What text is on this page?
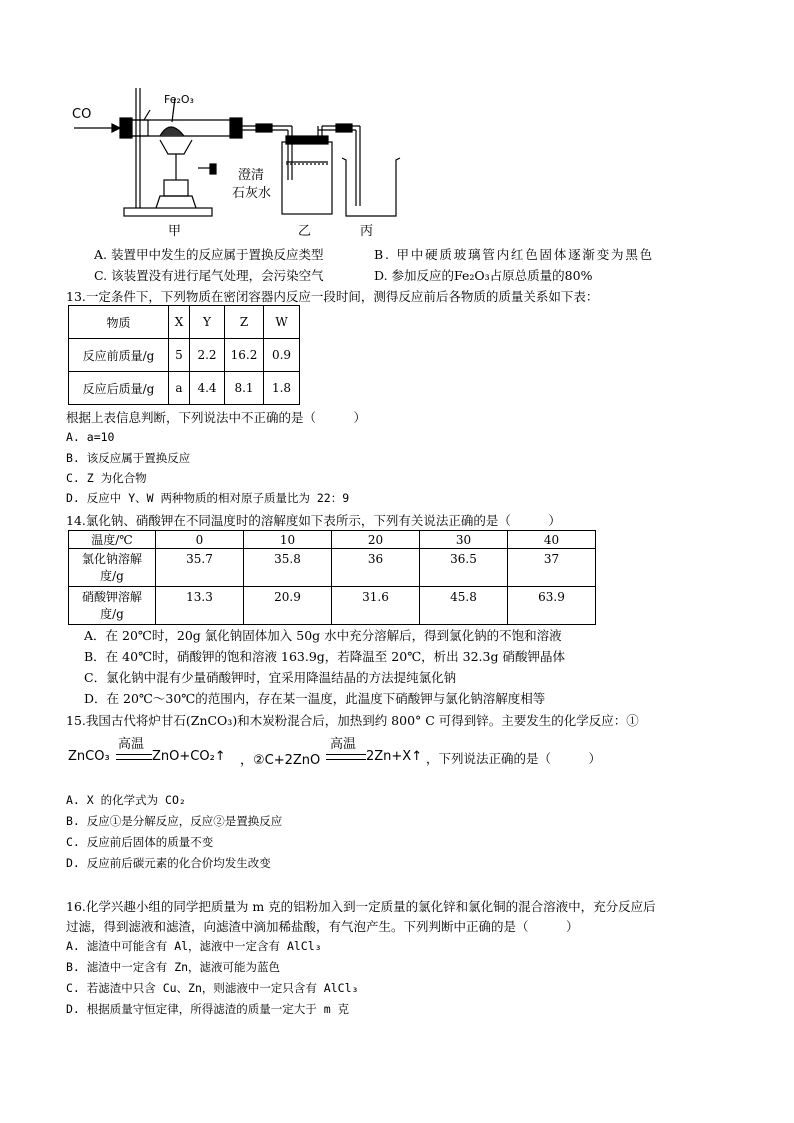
CO
Fe₂O₃
澄清
石灰水
甲	乙	丙
A. 装置甲中发生的反应属于置换反应类型	B. 甲中硬质玻璃管内红色固体逐渐变为黑色
C. 该装置没有进行尾气处理，会污染空气	D. 参加反应的Fe₂O₃占原总质量的80%
13.一定条件下，下列物质在密闭容器内反应一段时间，测得反应前后各物质的质量关系如下表：
物质	X	Y	Z	W
反应前质量/g	5	2.2	16.2	0.9
反应后质量/g	a	4.4	8.1	1.8
根据上表信息判断，下列说法中不正确的是（　　　）
A. a=10
B. 该反应属于置换反应
C. Z 为化合物
D. 反应中 Y、W 两种物质的相对原子质量比为 22：9
14.氯化钠、硝酸钾在不同温度时的溶解度如下表所示，下列有关说法正确的是（　　　）
温度/℃	0	10	20	30	40
氯化钠溶解
度/g	35.7	35.8	36	36.5	37
硝酸钾溶解
度/g	13.3	20.9	31.6	45.8	63.9
A．在 20℃时，20g 氯化钠固体加入 50g 水中充分溶解后，得到氯化钠的不饱和溶液
B．在 40℃时，硝酸钾的饱和溶液 163.9g，若降温至 20℃，析出 32.3g 硝酸钾晶体
C．氯化钠中混有少量硝酸钾时，宜采用降温结晶的方法提纯氯化钠
D．在 20℃～30℃的范围内，存在某一温度，此温度下硝酸钾与氯化钠溶解度相等
15.我国古代将炉甘石(ZnCO₃)和木炭粉混合后，加热到约 800° C 可得到锌。主要发生的化学反应：①
ZnCO₃
高温
ZnO+CO₂↑ ，②C+2ZnO
高温
2Zn+X↑ ，下列说法正确的是（　　　）
A. X 的化学式为 CO₂
B. 反应①是分解反应，反应②是置换反应
C. 反应前后固体的质量不变
D. 反应前后碳元素的化合价均发生改变
16.化学兴趣小组的同学把质量为 m 克的铝粉加入到一定质量的氯化锌和氯化铜的混合溶液中，充分反应后
过滤，得到滤液和滤渣，向滤渣中滴加稀盐酸，有气泡产生。下列判断中正确的是（　　　）
A. 滤渣中可能含有 Al，滤液中一定含有 AlCl₃
B. 滤渣中一定含有 Zn，滤液可能为蓝色
C. 若滤渣中只含 Cu、Zn，则滤液中一定只含有 AlCl₃
D. 根据质量守恒定律，所得滤渣的质量一定大于 m 克
